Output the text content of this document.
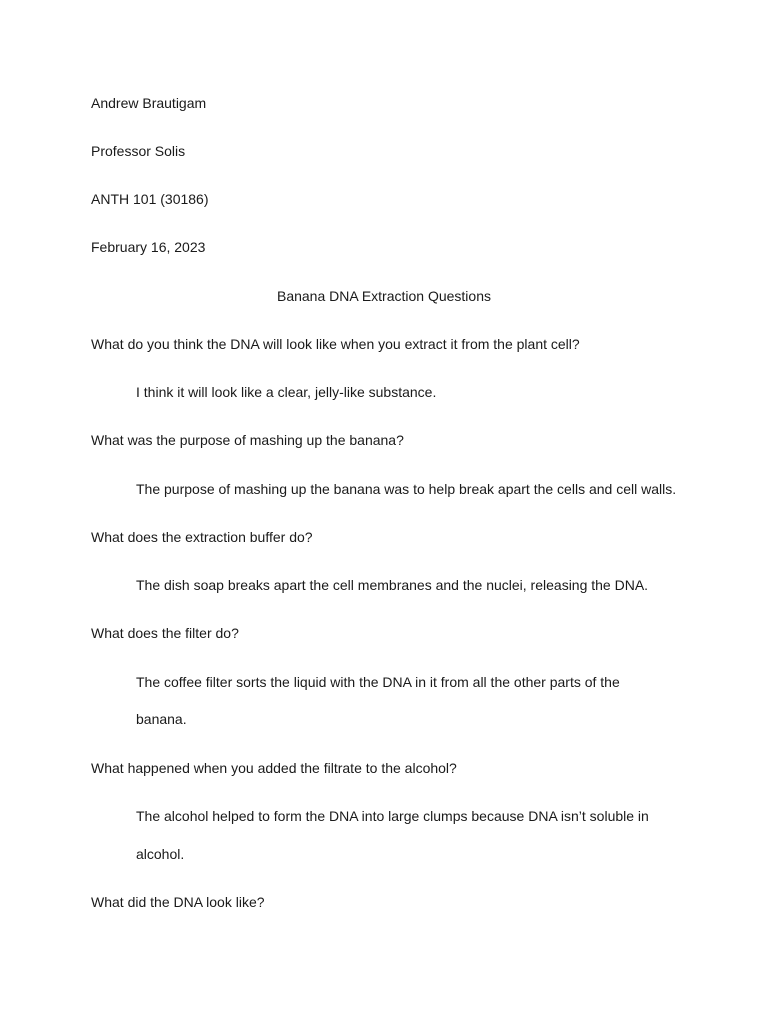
Andrew Brautigam
Professor Solis
ANTH 101 (30186)
February 16, 2023
Banana DNA Extraction Questions
What do you think the DNA will look like when you extract it from the plant cell?
I think it will look like a clear, jelly-like substance.
What was the purpose of mashing up the banana?
The purpose of mashing up the banana was to help break apart the cells and cell walls.
What does the extraction buffer do?
The dish soap breaks apart the cell membranes and the nuclei, releasing the DNA.
What does the filter do?
The coffee filter sorts the liquid with the DNA in it from all the other parts of the
banana.
What happened when you added the filtrate to the alcohol?
The alcohol helped to form the DNA into large clumps because DNA isn’t soluble in
alcohol.
What did the DNA look like?
